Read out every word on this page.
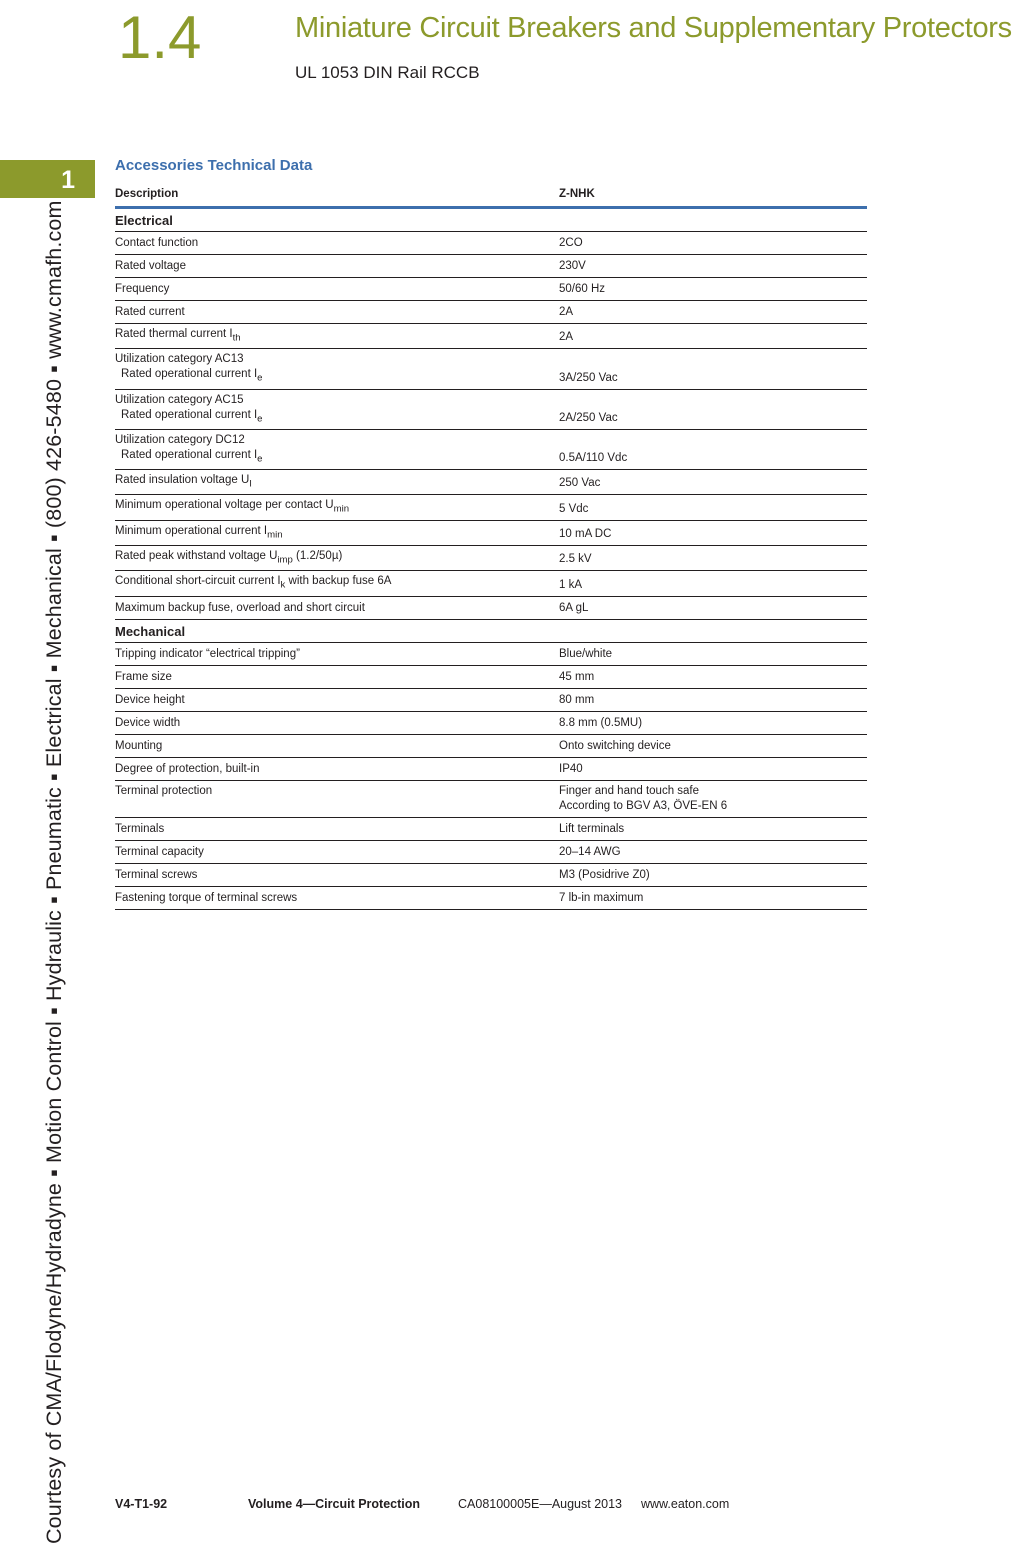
Courtesy of CMA/Flodyne/Hydradyne ▪ Motion Control ▪ Hydraulic ▪ Pneumatic ▪ Electrical ▪ Mechanical ▪ (800) 426-5480 ▪ www.cmafh.com
1
1.4	Miniature Circuit Breakers and Supplementary Protectors
UL 1053 DIN Rail RCCB
Accessories Technical Data
Description	Z-NHK
Electrical	
Contact function	2CO
Rated voltage	230V
Frequency	50/60 Hz
Rated current	2A
Rated thermal current $I_{th}$	2A
Utilization category AC13
Rated operational current $I_e$	3A/250 Vac
Utilization category AC15
Rated operational current $I_e$	2A/250 Vac
Utilization category DC12
Rated operational current $I_e$	0.5A/110 Vdc
Rated insulation voltage $U_I$	250 Vac
Minimum operational voltage per contact $U_{min}$	5 Vdc
Minimum operational current $I_{min}$	10 mA DC
Rated peak withstand voltage $U_{imp}$ (1.2/50µ)	2.5 kV
Conditional short-circuit current $I_k$ with backup fuse 6A	1 kA
Maximum backup fuse, overload and short circuit	6A gL
Mechanical	
Tripping indicator “electrical tripping”	Blue/white
Frame size	45 mm
Device height	80 mm
Device width	8.8 mm (0.5MU)
Mounting	Onto switching device
Degree of protection, built-in	IP40
Terminal protection	Finger and hand touch safe
According to BGV A3, ÖVE-EN 6
Terminals	Lift terminals
Terminal capacity	20–14 AWG
Terminal screws	M3 (Posidrive Z0)
Fastening torque of terminal screws	7 lb-in maximum
V4-T1-92	Volume 4—Circuit Protection	CA08100005E—August 2013 www.eaton.com
